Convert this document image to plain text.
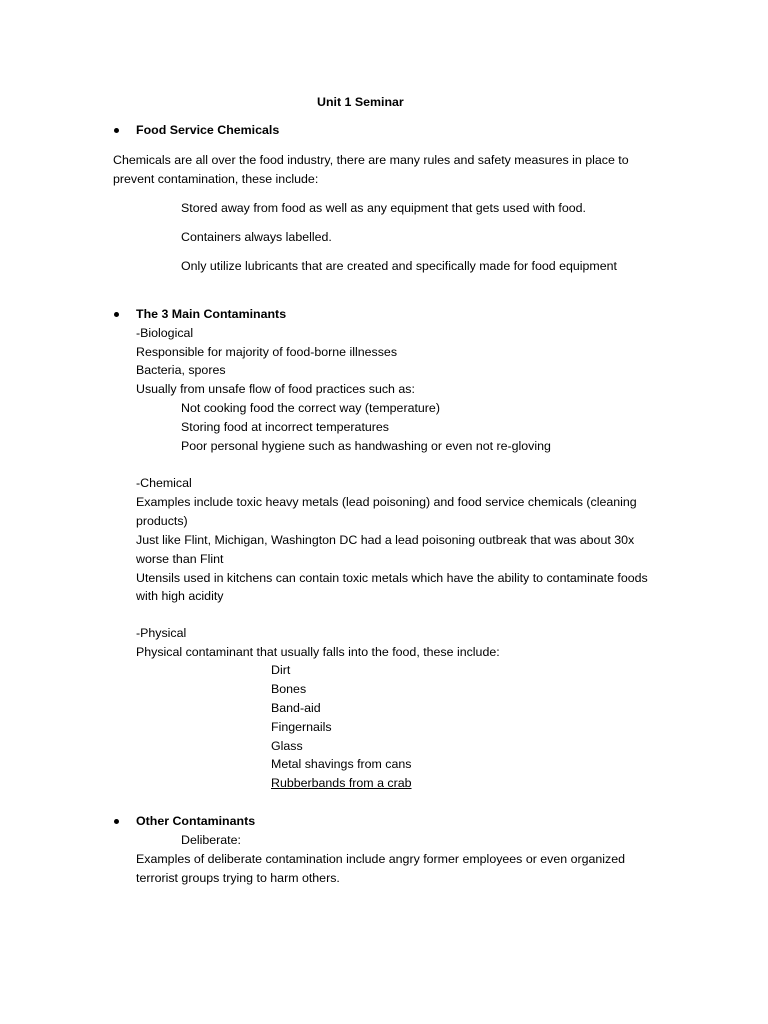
Unit 1 Seminar
Food Service Chemicals
Chemicals are all over the food industry, there are many rules and safety measures in place to
prevent contamination, these include:
Stored away from food as well as any equipment that gets used with food.
Containers always labelled.
Only utilize lubricants that are created and specifically made for food equipment
The 3 Main Contaminants
-Biological
Responsible for majority of food-borne illnesses
Bacteria, spores
Usually from unsafe flow of food practices such as:
Not cooking food the correct way (temperature)
Storing food at incorrect temperatures
Poor personal hygiene such as handwashing or even not re-gloving
-Chemical
Examples include toxic heavy metals (lead poisoning) and food service chemicals (cleaning
products)
Just like Flint, Michigan, Washington DC had a lead poisoning outbreak that was about 30x
worse than Flint
Utensils used in kitchens can contain toxic metals which have the ability to contaminate foods
with high acidity
-Physical
Physical contaminant that usually falls into the food, these include:
Dirt
Bones
Band-aid
Fingernails
Glass
Metal shavings from cans
Rubberbands from a crab
Other Contaminants
Deliberate:
Examples of deliberate contamination include angry former employees or even organized
terrorist groups trying to harm others.
